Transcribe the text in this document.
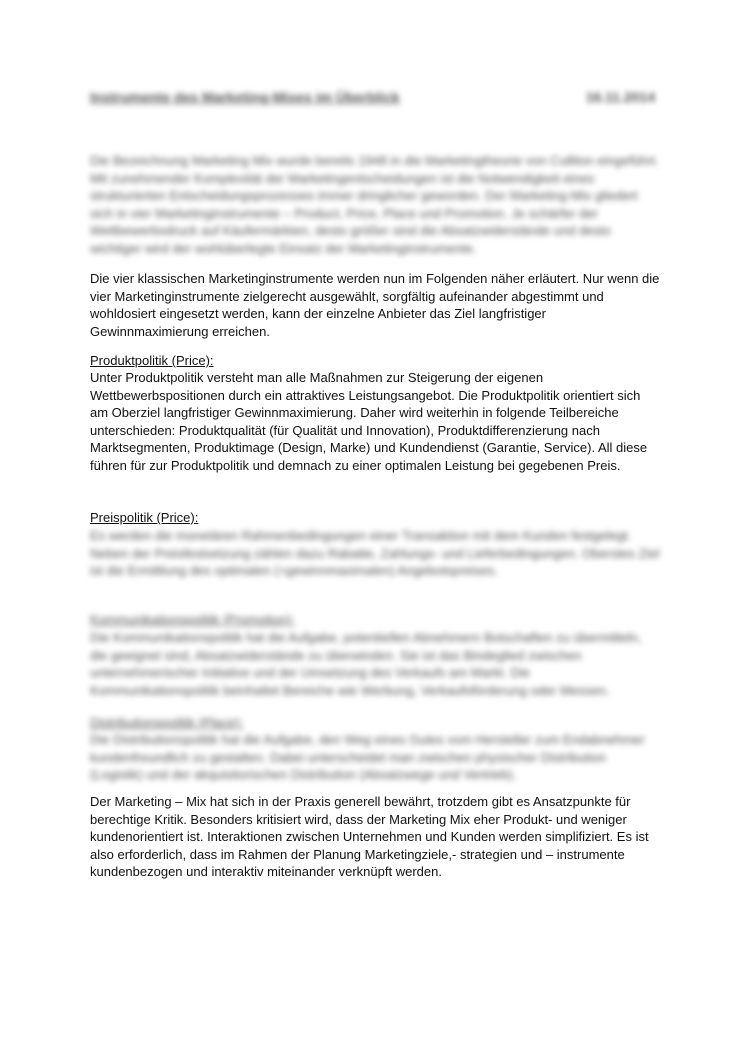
Instrumente des Marketing-Mixes im Überblick	16.11.2014

Die Bezeichnung Marketing Mix wurde bereits 1948 in die Marketingtheorie von Culliton eingeführt. Mit zunehmender Komplexität der Marketingentscheidungen ist die Notwendigkeit eines strukturierten Entscheidungsprozesses immer dringlicher geworden. Der Marketing-Mix gliedert sich in vier Marketinginstrumente – Product, Price, Place und Promotion. Je schärfer der Wettbewerbsdruck auf Käufermärkten, desto größer sind die Absatzwiderstände und desto wichtiger wird der wohlüberlegte Einsatz der Marketinginstrumente.

Die vier klassischen Marketinginstrumente werden nun im Folgenden näher erläutert. Nur wenn die vier Marketinginstrumente zielgerecht ausgewählt, sorgfältig aufeinander abgestimmt und wohldosiert eingesetzt werden, kann der einzelne Anbieter das Ziel langfristiger Gewinnmaximierung erreichen.

Produktpolitik (Price):

Unter Produktpolitik versteht man alle Maßnahmen zur Steigerung der eigenen Wettbewerbspositionen durch ein attraktives Leistungsangebot. Die Produktpolitik orientiert sich am Oberziel langfristiger Gewinnmaximierung. Daher wird weiterhin in folgende Teilbereiche unterschieden: Produktqualität (für Qualität und Innovation), Produktdifferenzierung nach Marktsegmenten, Produktimage (Design, Marke) und Kundendienst (Garantie, Service). All diese führen für zur Produktpolitik und demnach zu einer optimalen Leistung bei gegebenen Preis.

Preispolitik (Price):

Es werden die monetären Rahmenbedingungen einer Transaktion mit dem Kunden festgelegt. Neben der Preisfestsetzung zählen dazu Rabatte, Zahlungs- und Lieferbedingungen. Oberstes Ziel ist die Ermittlung des optimalen (=gewinnmaximalen) Angebotspreises.

Kommunikationspolitik (Promotion):

Die Kommunikationspolitik hat die Aufgabe, potentiellen Abnehmern Botschaften zu übermitteln, die geeignet sind, Absatzwiderstände zu überwinden. Sie ist das Bindeglied zwischen unternehmerischer Initiative und der Umsetzung des Verkaufs am Markt. Die Kommunikationspolitik beinhaltet Bereiche wie Werbung, Verkaufsförderung oder Messen.

Distributionspolitik (Place):

Die Distributionspolitik hat die Aufgabe, den Weg eines Gutes vom Hersteller zum Endabnehmer kundenfreundlich zu gestalten. Dabei unterscheidet man zwischen physischer Distribution (Logistik) und der akquisitorischen Distribution (Absatzwege und Vertrieb).

Der Marketing – Mix hat sich in der Praxis generell bewährt, trotzdem gibt es Ansatzpunkte für berechtige Kritik. Besonders kritisiert wird, dass der Marketing Mix eher Produkt- und weniger kundenorientiert ist. Interaktionen zwischen Unternehmen und Kunden werden simplifiziert. Es ist also erforderlich, dass im Rahmen der Planung Marketingziele,- strategien und – instrumente kundenbezogen und interaktiv miteinander verknüpft werden.
